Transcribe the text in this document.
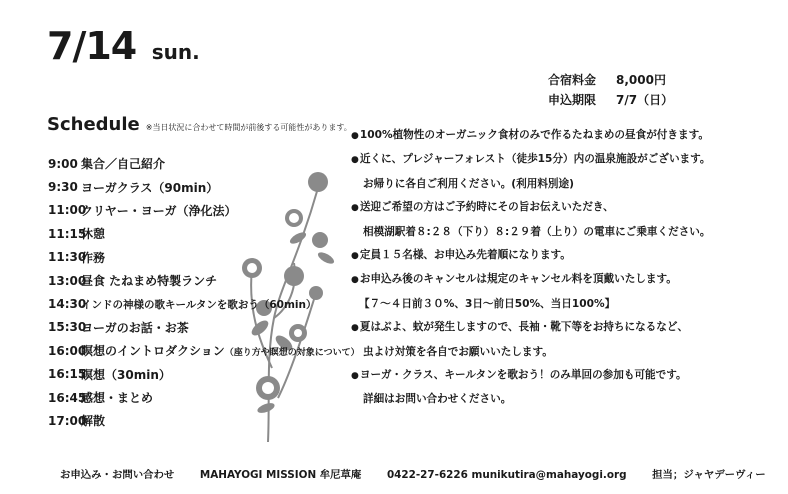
7/14 sun.
合宿料金	8,000円
申込期限	7/7（日）
Schedule ※当日状況に合わせて時間が前後する可能性があります。
9:00 集合／自己紹介
9:30 ヨーガクラス（90min）
11:00
クリヤー・ヨーガ（浄化法）
11:15
休憩
11:30
作務
13:00
昼食 たねまめ特製ランチ
14:30
インドの神様の歌キールタンを歌おう（60min）
15:30
ヨーガのお話・お茶
16:00
瞑想のイントロダクション（座り方や瞑想の対象について）
16:15
瞑想（30min）
16:45
感想・まとめ
17:00
解散
●100%植物性のオーガニック食材のみで作るたねまめの昼食が付きます。
●近くに、プレジャーフォレスト（徒歩15分）内の温泉施設がございます。
お帰りに各自ご利用ください。(利用料別途)
●送迎ご希望の方はご予約時にその旨お伝えいただき、
相模湖駅着８:２８（下り）８:２９着（上り）の電車にご乗車ください。
●定員１５名様、お申込み先着順になります。
●お申込み後のキャンセルは規定のキャンセル料を頂戴いたします。
【７～４日前３０%、3日～前日50%、当日100%】
●夏はぶよ、蚊が発生しますので、長袖・靴下等をお持ちになるなど、
虫よけ対策を各自でお願いいたします。
●ヨーガ・クラス、キールタンを歌おう！のみ単回の参加も可能です。
詳細はお問い合わせください。
お申込み・お問い合わせ MAHAYOGI MISSION 牟尼草庵 0422-27-6226 munikutira@mahayogi.org 担当；ジャヤデーヴィー
